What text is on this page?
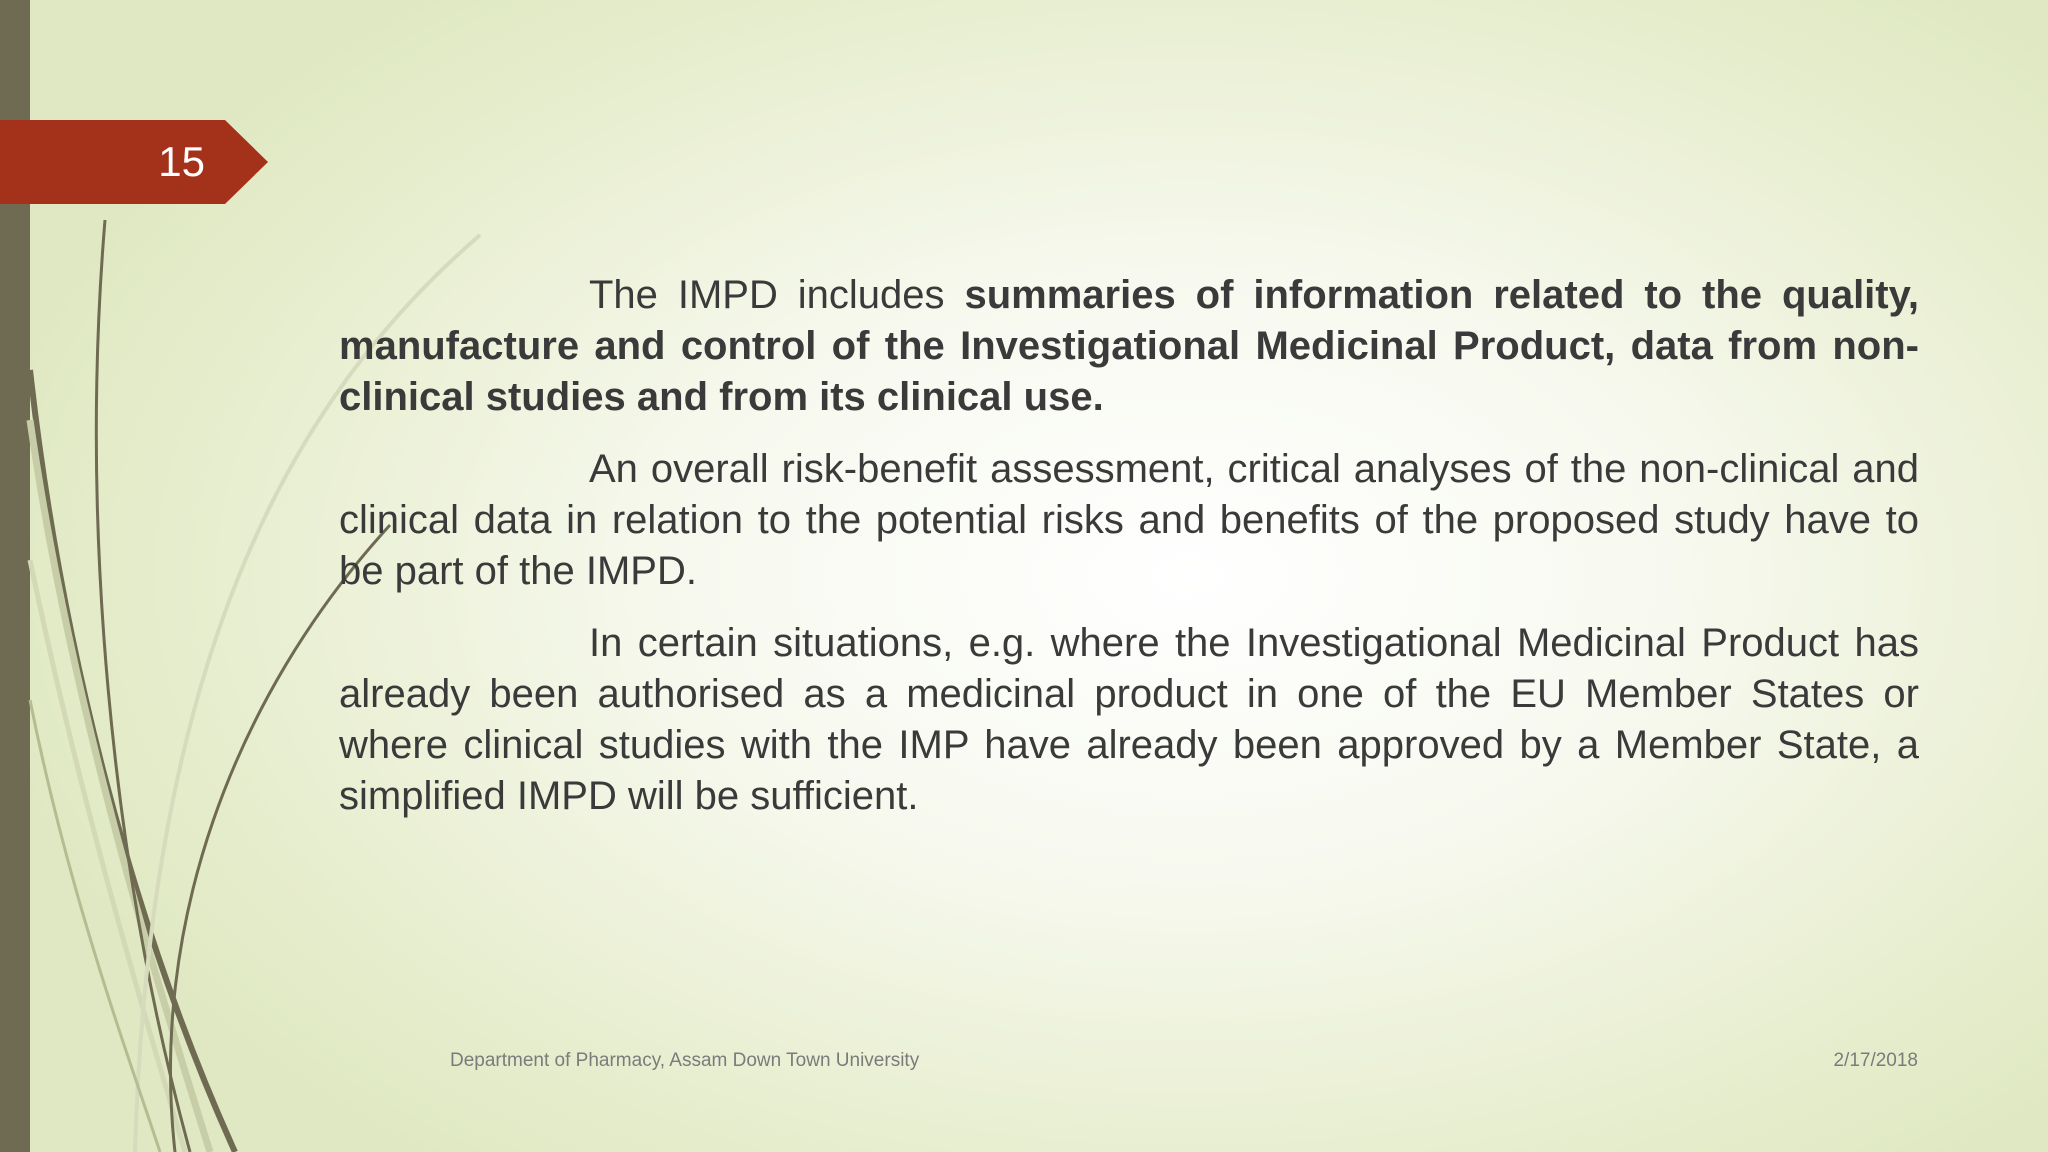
15

The IMPD includes summaries of information related to the quality, manufacture and control of the Investigational Medicinal Product, data from non-clinical studies and from its clinical use.

An overall risk-benefit assessment, critical analyses of the non-clinical and clinical data in relation to the potential risks and benefits of the proposed study have to be part of the IMPD.

In certain situations, e.g. where the Investigational Medicinal Product has already been authorised as a medicinal product in one of the EU Member States or where clinical studies with the IMP have already been approved by a Member State, a simplified IMPD will be sufficient.

Department of Pharmacy, Assam Down Town University	2/17/2018
